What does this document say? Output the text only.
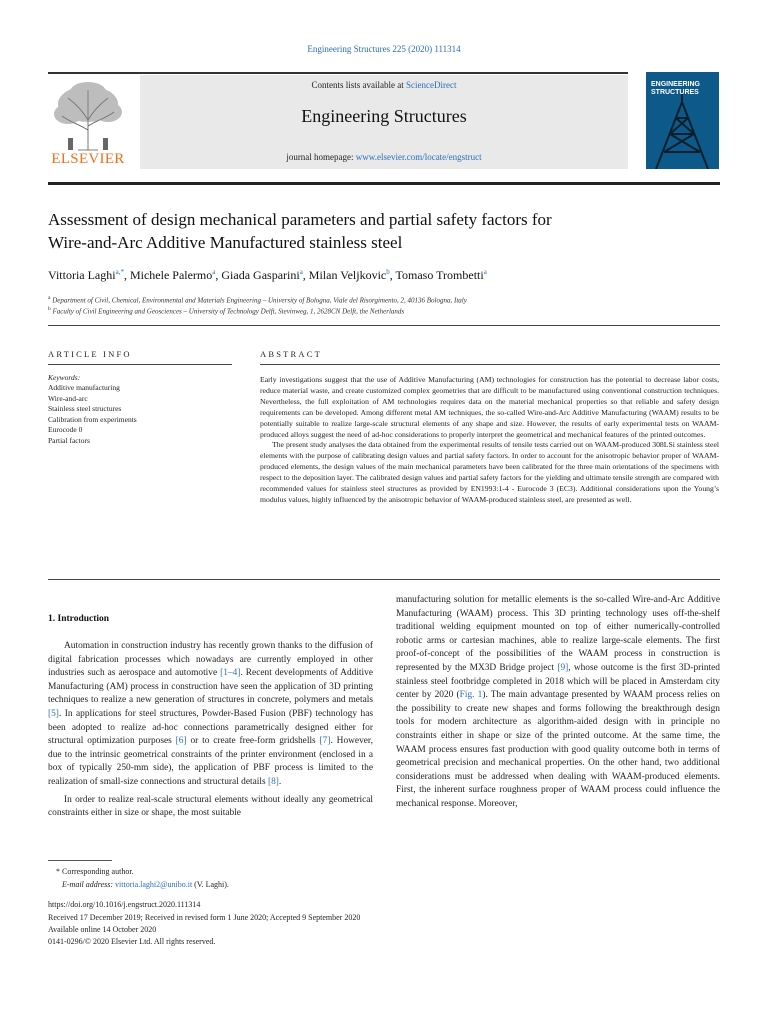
Engineering Structures 225 (2020) 111314
ELSEVIER
Contents lists available at ScienceDirect
Engineering Structures
journal homepage: www.elsevier.com/locate/engstruct
ENGINEERING STRUCTURES
Assessment of design mechanical parameters and partial safety factors for
Wire-and-Arc Additive Manufactured stainless steel
Vittoria Laghi$^{a,*}$, Michele Palermo$^a$, Giada Gasparini$^a$, Milan Veljkovic$^b$, Tomaso Trombetti$^a$
$^a$ Department of Civil, Chemical, Environmental and Materials Engineering – University of Bologna, Viale del Risorgimento, 2, 40136 Bologna, Italy
$^b$ Faculty of Civil Engineering and Geosciences – University of Technology Delft, Stevinweg, 1, 2628CN Delft, the Netherlands
ARTICLE INFO
Keywords:
Additive manufacturing
Wire-and-arc
Stainless steel structures
Calibration from experiments
Eurocode 0
Partial factors
ABSTRACT

Early investigations suggest that the use of Additive Manufacturing (AM) technologies for construction has the potential to decrease labor costs, reduce material waste, and create customized complex geometries that are difficult to be manufactured using conventional construction techniques. Nevertheless, the full exploitation of AM technologies requires data on the material mechanical properties so that reliable and safety design requirements can be developed. Among different metal AM techniques, the so-called Wire-and-Arc Additive Manufacturing (WAAM) results to be potentially suitable to realize large-scale structural elements of any shape and size. However, the results of early experimental tests on WAAM-produced alloys suggest the need of ad-hoc considerations to properly interpret the geometrical and mechanical features of the printed outcomes.

The present study analyses the data obtained from the experimental results of tensile tests carried out on WAAM-produced 308LSi stainless steel elements with the purpose of calibrating design values and partial safety factors. In order to account for the anisotropic behavior proper of WAAM-produced elements, the design values of the main mechanical parameters have been calibrated for the three main orientations of the specimens with respect to the deposition layer. The calibrated design values and partial safety factors for the yielding and ultimate tensile strength are compared with recommended values for stainless steel structures as provided by EN1993:1-4 - Eurocode 3 (EC3). Additional considerations upon the Young’s modulus values, highly influenced by the anisotropic behavior of WAAM-produced stainless steel, are presented as well.

1. Introduction

Automation in construction industry has recently grown thanks to the diffusion of digital fabrication processes which nowadays are currently employed in other industries such as aerospace and automotive [1–4]. Recent developments of Additive Manufacturing (AM) process in construction have seen the application of 3D printing techniques to realize a new generation of structures in concrete, polymers and metals [5]. In applications for steel structures, Powder-Based Fusion (PBF) technology has been adopted to realize ad-hoc connections parametrically designed either for structural optimization purposes [6] or to create free-form gridshells [7]. However, due to the intrinsic geometrical constraints of the printer environment (enclosed in a box of typically 250-mm side), the application of PBF process is limited to the realization of small-size connections and structural details [8].

In order to realize real-scale structural elements without ideally any geometrical constraints either in size or shape, the most suitable

manufacturing solution for metallic elements is the so-called Wire-and-Arc Additive Manufacturing (WAAM) process. This 3D printing technology uses off-the-shelf traditional welding equipment mounted on top of either numerically-controlled robotic arms or cartesian machines, able to realize large-scale elements. The first proof-of-concept of the possibilities of the WAAM process in construction is represented by the MX3D Bridge project [9], whose outcome is the first 3D-printed stainless steel footbridge completed in 2018 which will be placed in Amsterdam city center by 2020 (Fig. 1). The main advantage presented by WAAM process relies on the possibility to create new shapes and forms following the breakthrough design tools for modern architecture as algorithm-aided design with in principle no constraints either in shape or size of the printed outcome. At the same time, the WAAM process ensures fast production with good quality outcome both in terms of geometrical precision and mechanical properties. On the other hand, two additional considerations must be addressed when dealing with WAAM-produced elements. First, the inherent surface roughness proper of WAAM process could influence the mechanical response. Moreover,

* Corresponding author.
E-mail address: vittoria.laghi2@unibo.it (V. Laghi).
https://doi.org/10.1016/j.engstruct.2020.111314
Received 17 December 2019; Received in revised form 1 June 2020; Accepted 9 September 2020
Available online 14 October 2020
0141-0296/© 2020 Elsevier Ltd. All rights reserved.
